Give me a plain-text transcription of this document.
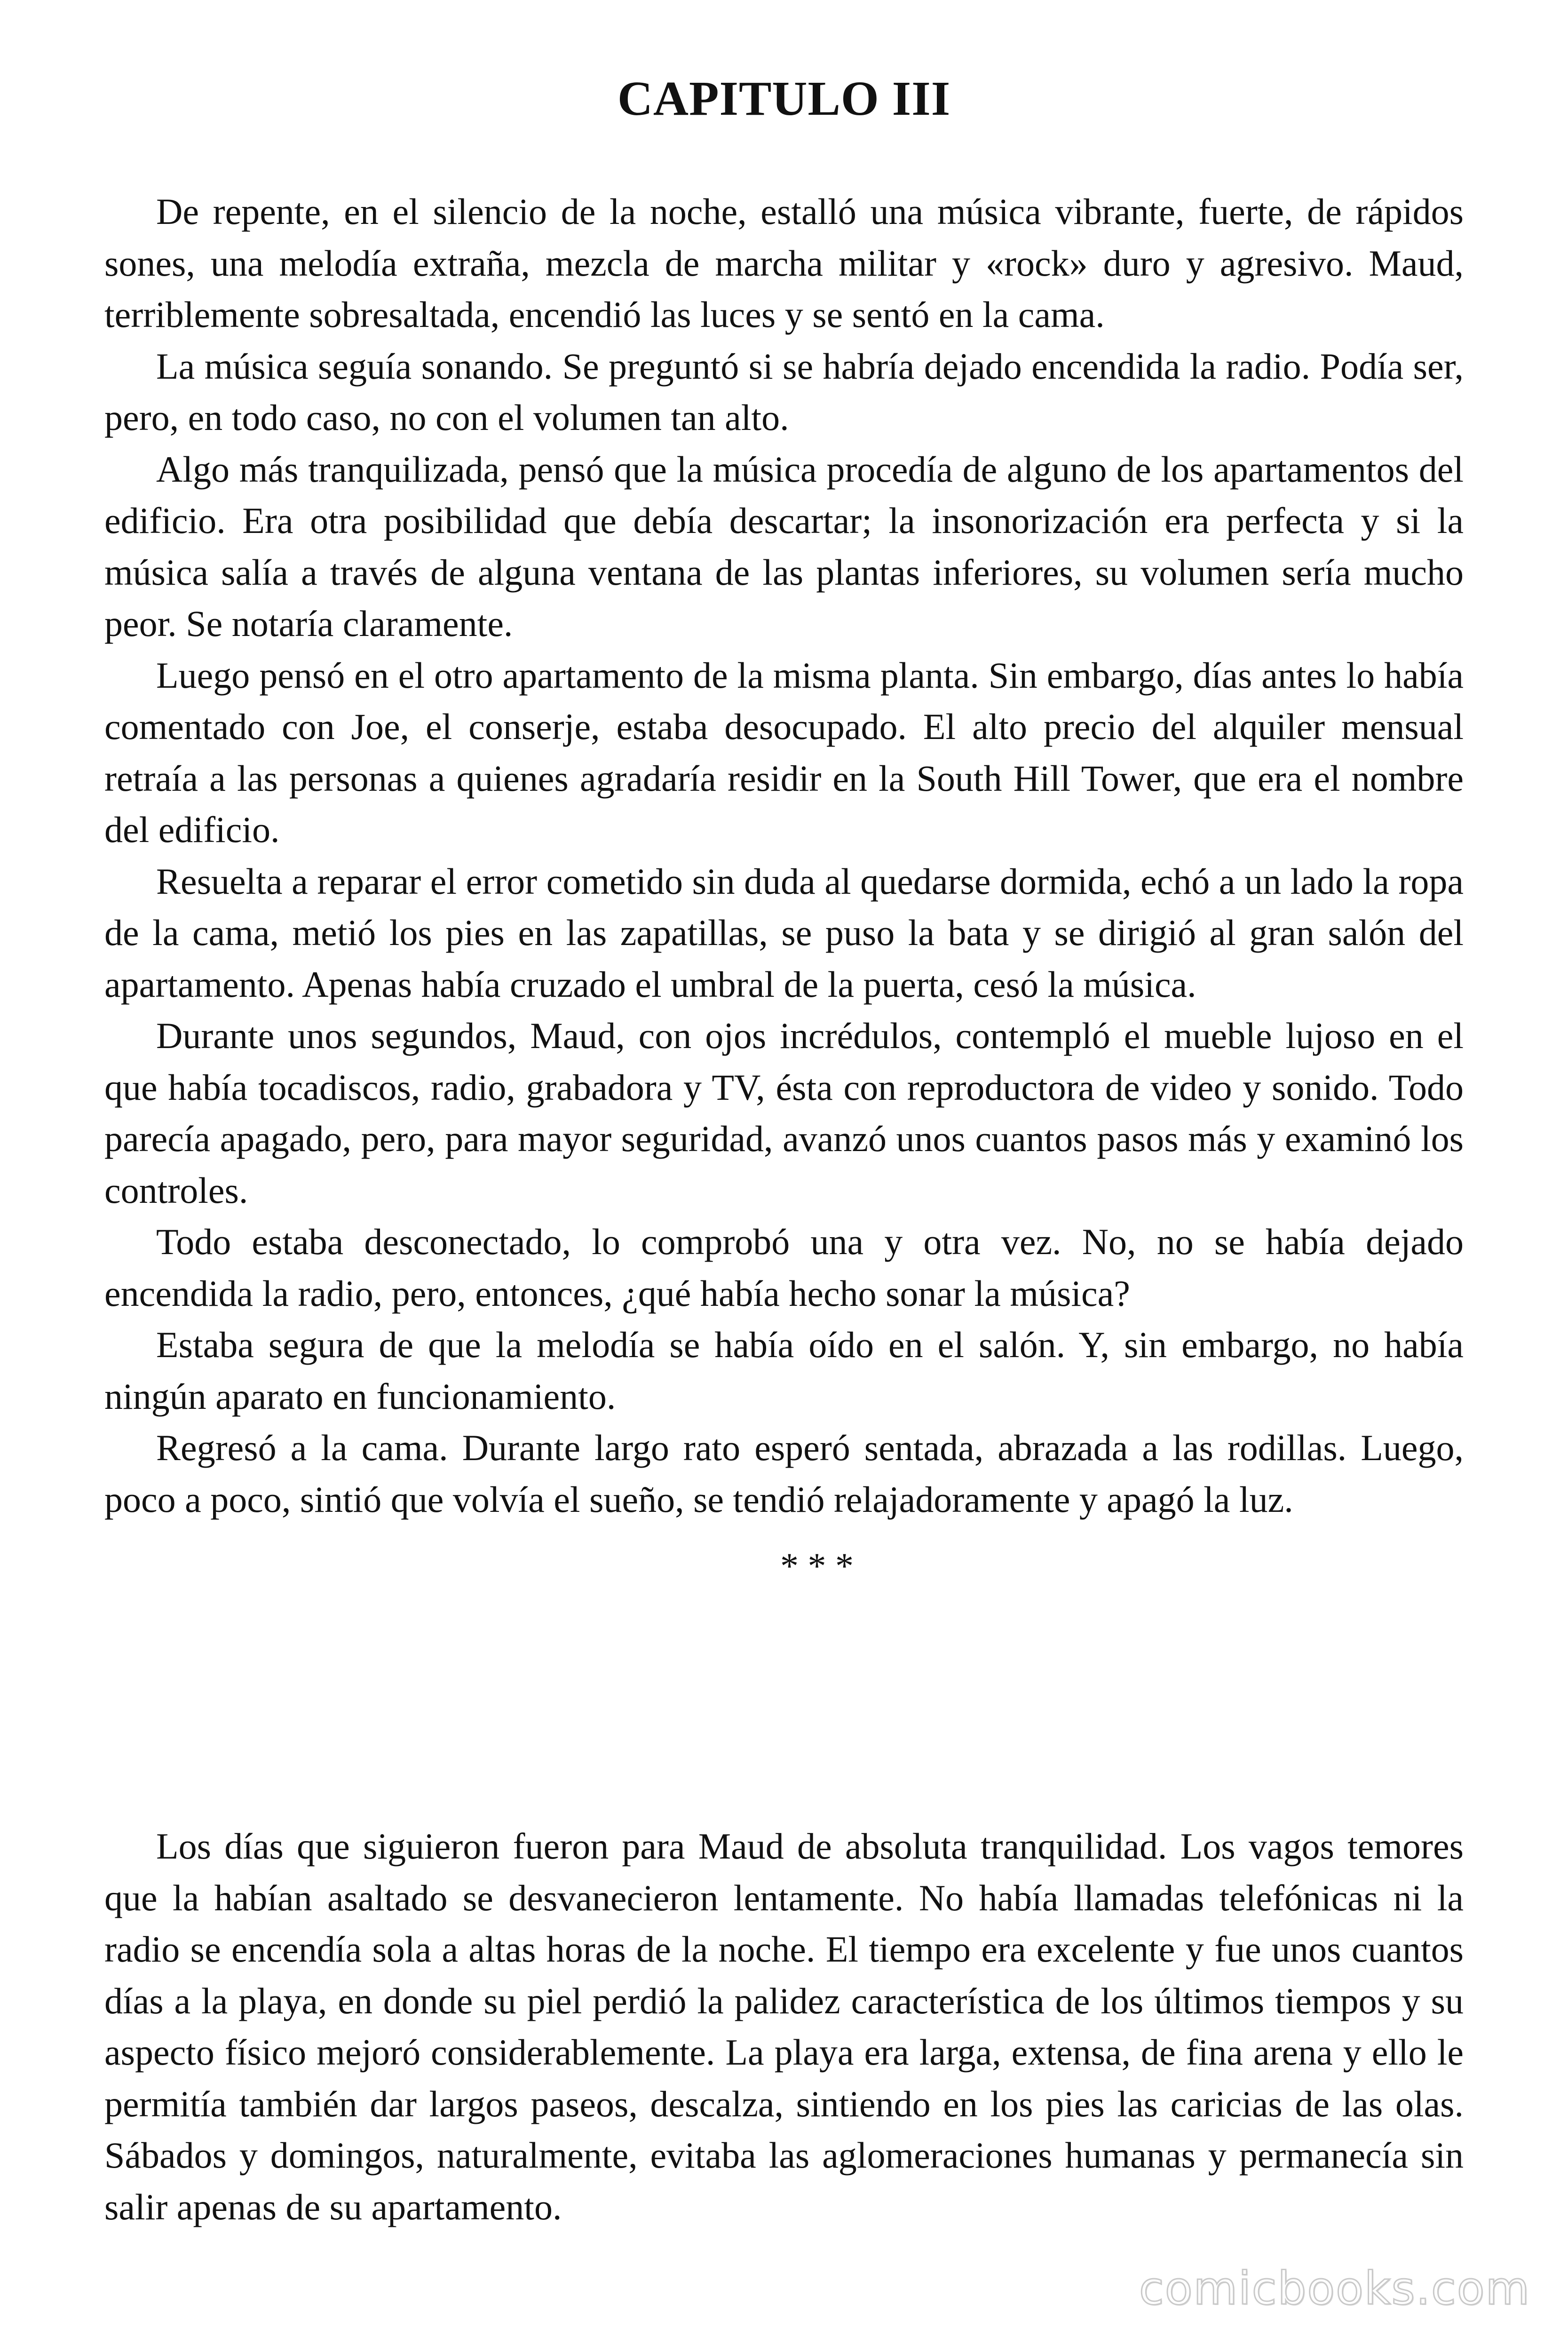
CAPITULO III

De repente, en el silencio de la noche, estalló una música vibrante, fuerte, de rápidos sones, una melodía extraña, mezcla de marcha militar y «rock» duro y agresivo. Maud, terriblemente sobresaltada, encendió las luces y se sentó en la cama.

La música seguía sonando. Se preguntó si se habría dejado encendida la radio. Podía ser, pero, en todo caso, no con el volumen tan alto.

Algo más tranquilizada, pensó que la música procedía de alguno de los apartamentos del edificio. Era otra posibilidad que debía descartar; la insonorización era perfecta y si la música salía a través de alguna ventana de las plantas inferiores, su volumen sería mucho peor. Se notaría claramente.

Luego pensó en el otro apartamento de la misma planta. Sin embargo, días antes lo había comentado con Joe, el conserje, estaba desocupado. El alto precio del alquiler mensual retraía a las personas a quienes agradaría residir en la South Hill Tower, que era el nombre del edificio.

Resuelta a reparar el error cometido sin duda al quedarse dormida, echó a un lado la ropa de la cama, metió los pies en las zapatillas, se puso la bata y se dirigió al gran salón del apartamento. Apenas había cruzado el umbral de la puerta, cesó la música.

Durante unos segundos, Maud, con ojos incrédulos, contempló el mueble lujoso en el que había tocadiscos, radio, grabadora y TV, ésta con reproductora de video y sonido. Todo parecía apagado, pero, para mayor seguridad, avanzó unos cuantos pasos más y examinó los controles.

Todo estaba desconectado, lo comprobó una y otra vez. No, no se había dejado encendida la radio, pero, entonces, ¿qué había hecho sonar la música?

Estaba segura de que la melodía se había oído en el salón. Y, sin embargo, no había ningún aparato en funcionamiento.

Regresó a la cama. Durante largo rato esperó sentada, abrazada a las rodillas. Luego, poco a poco, sintió que volvía el sueño, se tendió relajadoramente y apagó la luz.

* * *

Los días que siguieron fueron para Maud de absoluta tranquilidad. Los vagos temores que la habían asaltado se desvanecieron lentamente. No había llamadas telefónicas ni la radio se encendía sola a altas horas de la noche. El tiempo era excelente y fue unos cuantos días a la playa, en donde su piel perdió la palidez característica de los últimos tiempos y su aspecto físico mejoró considerablemente. La playa era larga, extensa, de fina arena y ello le permitía también dar largos paseos, descalza, sintiendo en los pies las caricias de las olas. Sábados y domingos, naturalmente, evitaba las aglomeraciones humanas y permanecía sin salir apenas de su apartamento.

comicbooks.com
